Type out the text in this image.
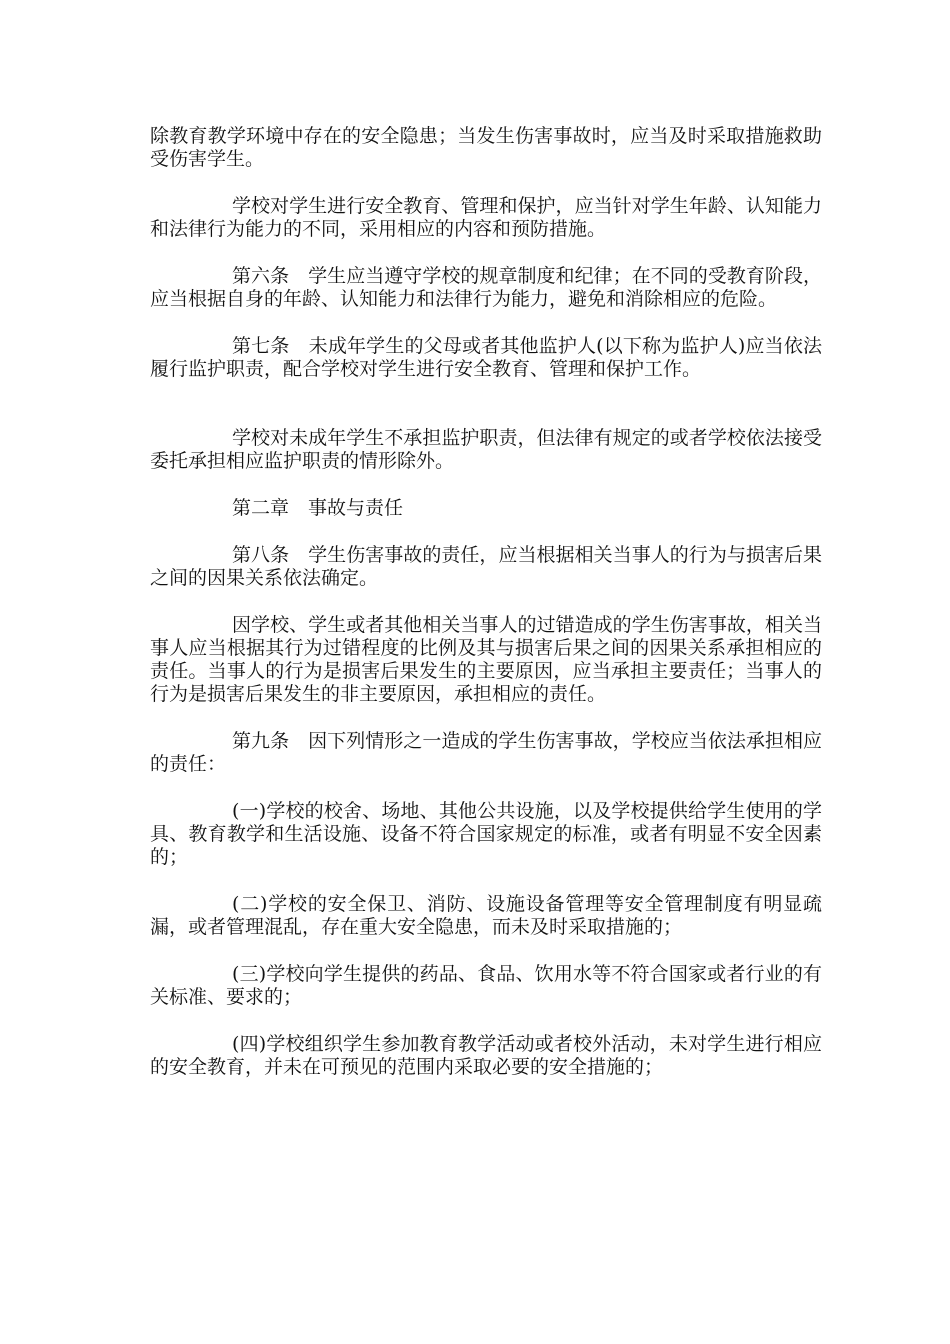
除教育教学环境中存在的安全隐患；当发生伤害事故时，应当及时采取措施救助受伤害学生。

学校对学生进行安全教育、管理和保护，应当针对学生年龄、认知能力和法律行为能力的不同，采用相应的内容和预防措施。

第六条　学生应当遵守学校的规章制度和纪律；在不同的受教育阶段，应当根据自身的年龄、认知能力和法律行为能力，避免和消除相应的危险。

第七条　未成年学生的父母或者其他监护人(以下称为监护人)应当依法履行监护职责，配合学校对学生进行安全教育、管理和保护工作。

学校对未成年学生不承担监护职责，但法律有规定的或者学校依法接受委托承担相应监护职责的情形除外。

第二章　事故与责任

第八条　学生伤害事故的责任，应当根据相关当事人的行为与损害后果之间的因果关系依法确定。

因学校、学生或者其他相关当事人的过错造成的学生伤害事故，相关当事人应当根据其行为过错程度的比例及其与损害后果之间的因果关系承担相应的责任。当事人的行为是损害后果发生的主要原因，应当承担主要责任；当事人的行为是损害后果发生的非主要原因，承担相应的责任。

第九条　因下列情形之一造成的学生伤害事故，学校应当依法承担相应的责任：

(一)学校的校舍、场地、其他公共设施，以及学校提供给学生使用的学具、教育教学和生活设施、设备不符合国家规定的标准，或者有明显不安全因素的；

(二)学校的安全保卫、消防、设施设备管理等安全管理制度有明显疏漏，或者管理混乱，存在重大安全隐患，而未及时采取措施的；

(三)学校向学生提供的药品、食品、饮用水等不符合国家或者行业的有关标准、要求的；

(四)学校组织学生参加教育教学活动或者校外活动，未对学生进行相应的安全教育，并未在可预见的范围内采取必要的安全措施的；
